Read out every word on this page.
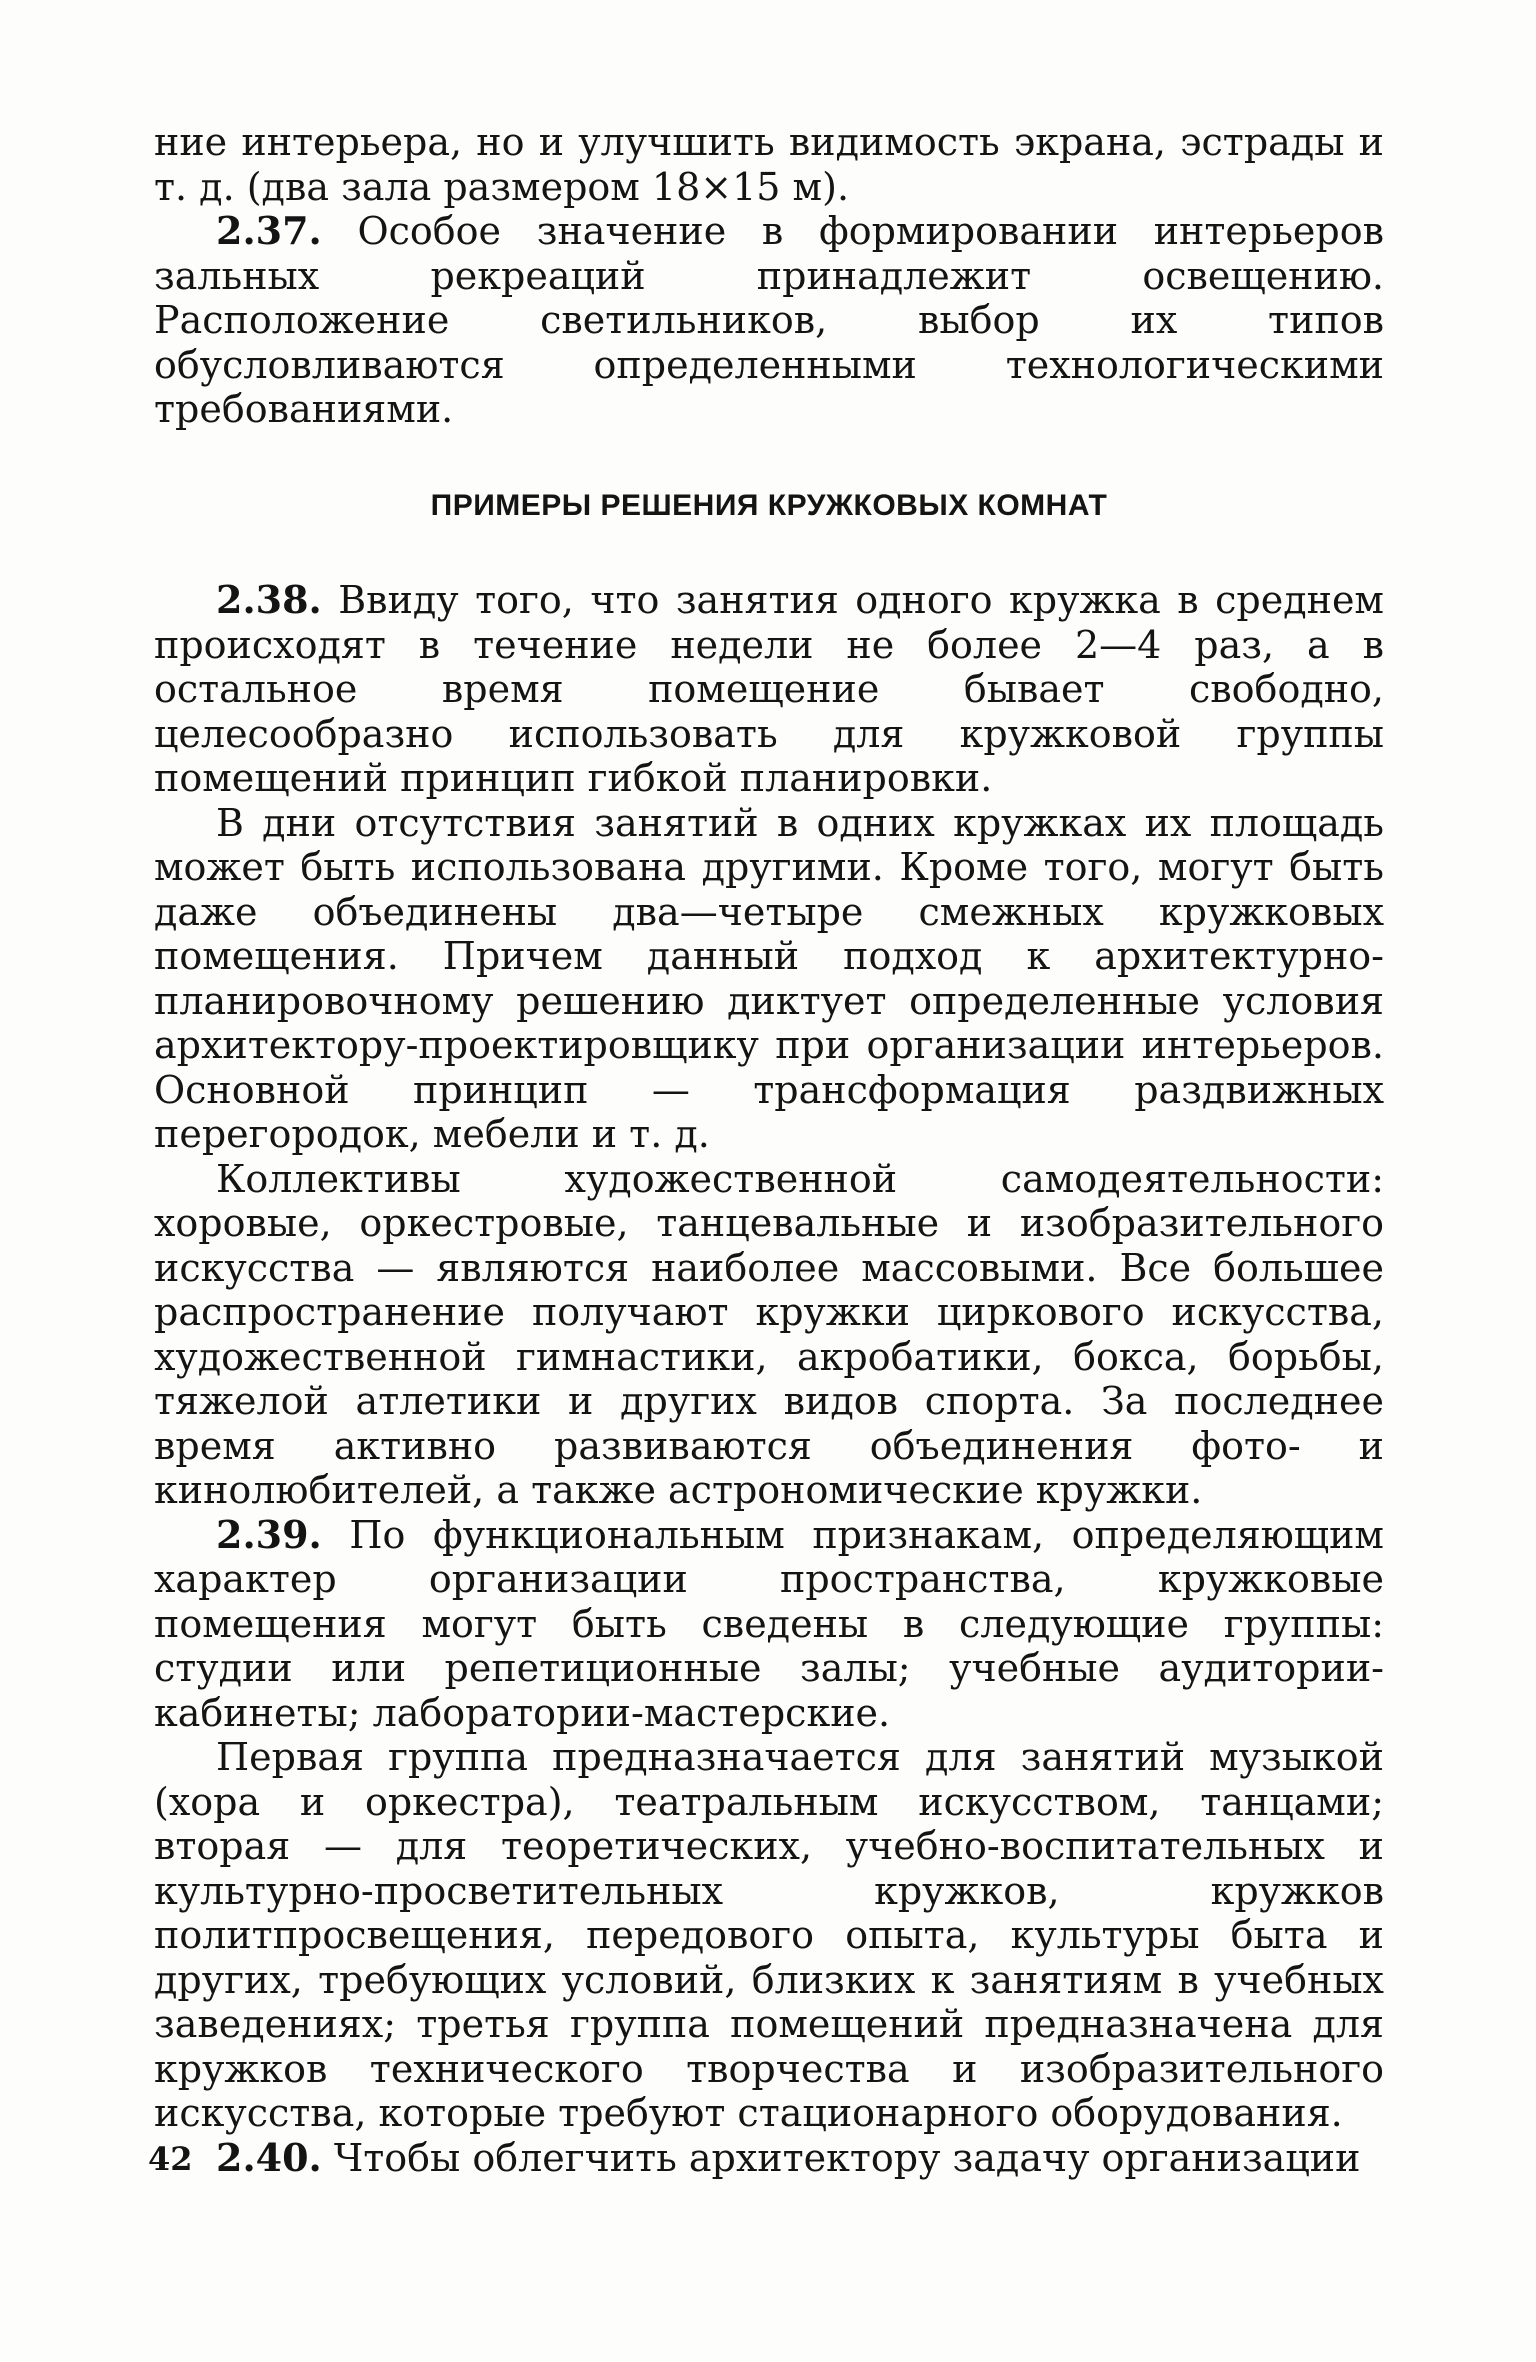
ние интерьера, но и улучшить видимость экрана, эстрады и т. д. (два зала размером 18×15 м).

2.37. Особое значение в формировании интерьеров зальных рекреаций принадлежит освещению. Расположение светильников, выбор их типов обусловливаются определенными технологическими требованиями.

ПРИМЕРЫ РЕШЕНИЯ КРУЖКОВЫХ КОМНАТ

2.38. Ввиду того, что занятия одного кружка в среднем происходят в течение недели не более 2—4 раз, а в остальное время помещение бывает свободно, целесообразно использовать для кружковой группы помещений принцип гибкой планировки.

В дни отсутствия занятий в одних кружках их площадь может быть использована другими. Кроме того, могут быть даже объединены два—четыре смежных кружковых помещения. Причем данный подход к архитектурно-планировочному решению диктует определенные условия архитектору-проектировщику при организации интерьеров. Основной принцип — трансформация раздвижных перегородок, мебели и т. д.

Коллективы художественной самодеятельности: хоровые, оркестровые, танцевальные и изобразительного искусства — являются наиболее массовыми. Все большее распространение получают кружки циркового искусства, художественной гимнастики, акробатики, бокса, борьбы, тяжелой атлетики и других видов спорта. За последнее время активно развиваются объединения фото- и кинолюбителей, а также астрономические кружки.

2.39. По функциональным признакам, определяющим характер организации пространства, кружковые помещения могут быть сведены в следующие группы: студии или репетиционные залы; учебные аудитории-кабинеты; лаборатории-мастерские.

Первая группа предназначается для занятий музыкой (хора и оркестра), театральным искусством, танцами; вторая — для теоретических, учебно-воспитательных и культурно-просветительных кружков, кружков политпросвещения, передового опыта, культуры быта и других, требующих условий, близких к занятиям в учебных заведениях; третья группа помещений предназначена для кружков технического творчества и изобразительного искусства, которые требуют стационарного оборудования.

2.40. Чтобы облегчить архитектору задачу организации

42
